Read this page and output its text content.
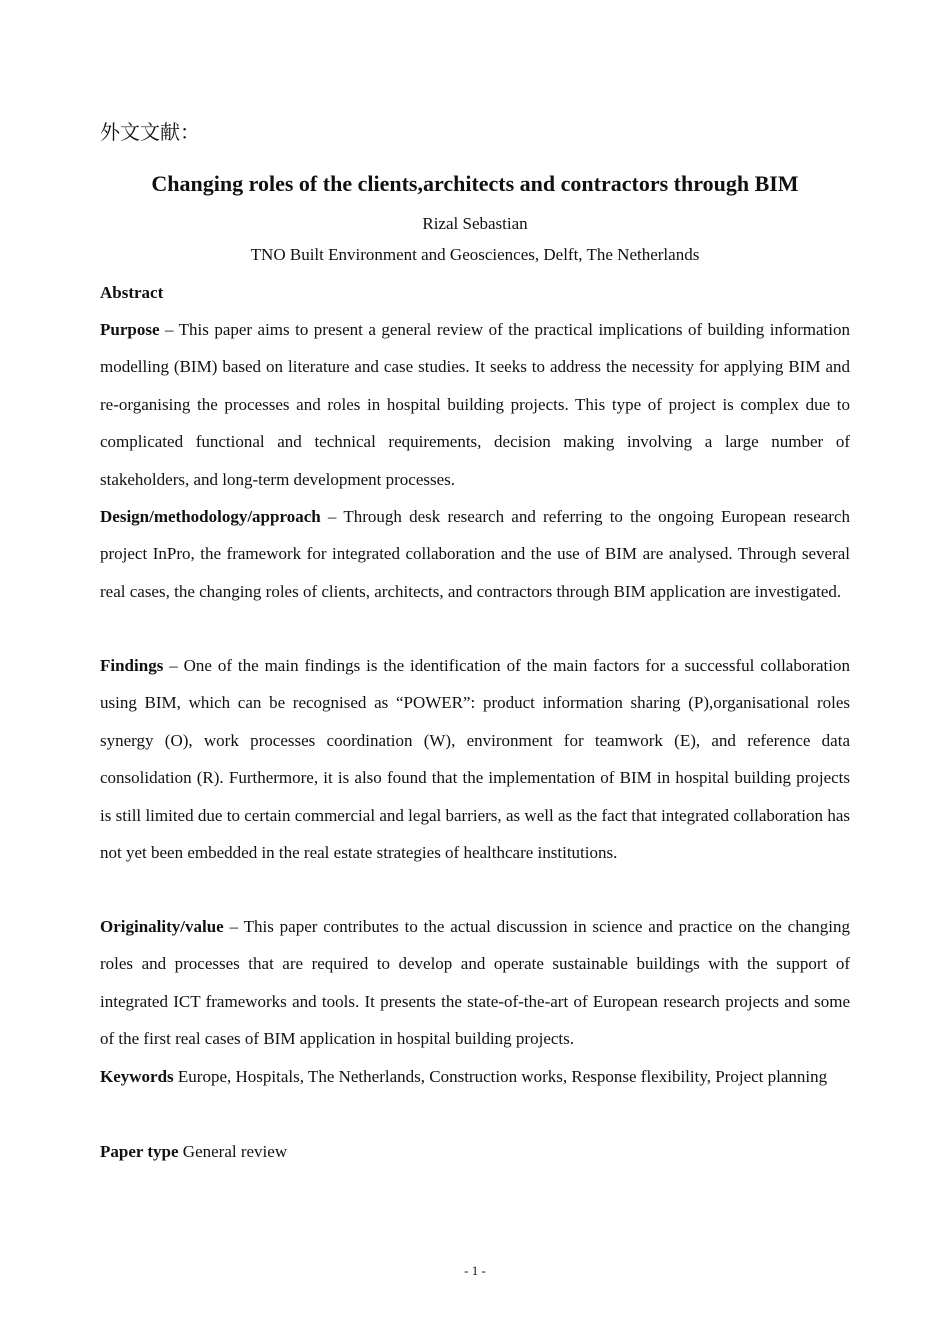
外文文献：
Changing roles of the clients,architects and contractors through BIM
Rizal Sebastian
TNO Built Environment and Geosciences, Delft, The Netherlands
Abstract

Purpose – This paper aims to present a general review of the practical implications of building information modelling (BIM) based on literature and case studies. It seeks to address the necessity for applying BIM and re-organising the processes and roles in hospital building projects. This type of project is complex due to complicated functional and technical requirements, decision making involving a large number of stakeholders, and long-term development processes.

Design/methodology/approach – Through desk research and referring to the ongoing European research project InPro, the framework for integrated collaboration and the use of BIM are analysed. Through several real cases, the changing roles of clients, architects, and contractors through BIM application are investigated.

Findings – One of the main findings is the identification of the main factors for a successful collaboration using BIM, which can be recognised as “POWER”: product information sharing (P),organisational roles synergy (O), work processes coordination (W), environment for teamwork (E), and reference data consolidation (R). Furthermore, it is also found that the implementation of BIM in hospital building projects is still limited due to certain commercial and legal barriers, as well as the fact that integrated collaboration has not yet been embedded in the real estate strategies of healthcare institutions.

Originality/value – This paper contributes to the actual discussion in science and practice on the changing roles and processes that are required to develop and operate sustainable buildings with the support of integrated ICT frameworks and tools. It presents the state-of-the-art of European research projects and some of the first real cases of BIM application in hospital building projects.

Keywords Europe, Hospitals, The Netherlands, Construction works, Response flexibility, Project planning

Paper type General review

- 1 -
